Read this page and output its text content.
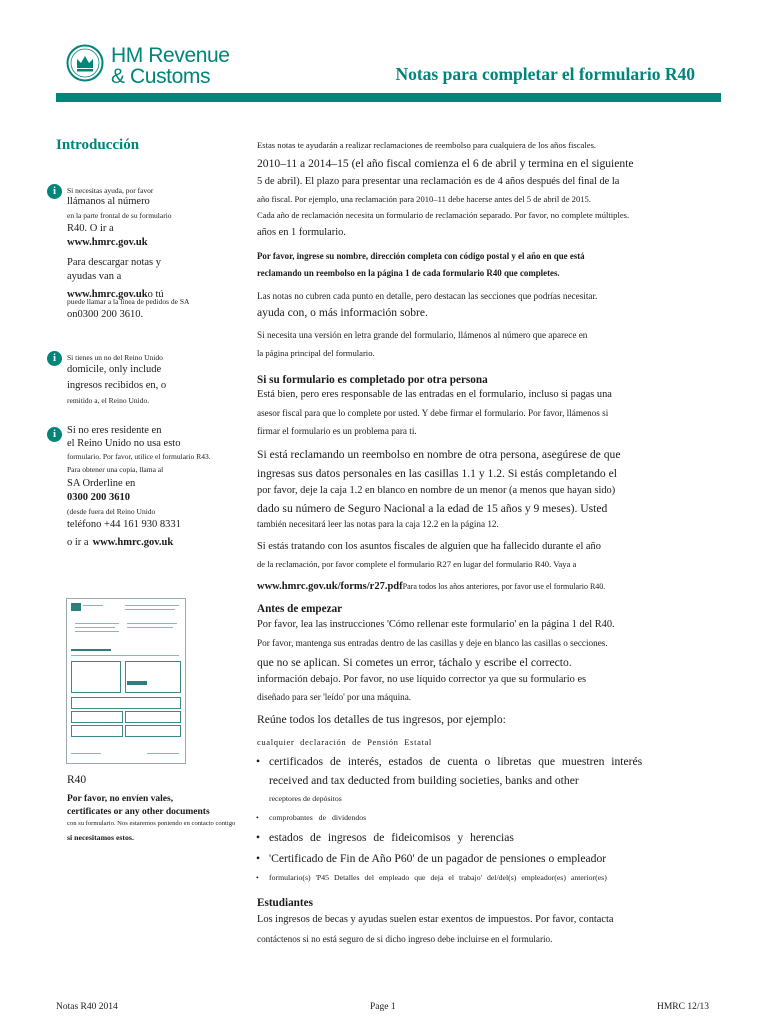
HM Revenue
& Customs	Notas para completar el formulario R40
Introducción
i	Si necesitas ayuda, por favor
llámanos al número
en la parte frontal de su formulario
R40. O ir a
www.hmrc.gov.uk
Para descargar notas y
ayudas van a
www.hmrc.gov.uko tú
puede llamar a la línea de pedidos de SA
on0300 200 3610.
i	Si tienes un no del Reino Unido
domicile, only include
ingresos recibidos en, o
remitido a, el Reino Unido.
i	Si no eres residente en
el Reino Unido no usa esto
formulario. Por favor, utilice el formulario R43.
Para obtener una copia, llama al
SA Orderline en
0300 200 3610
(desde fuera del Reino Unido
teléfono +44 161 930 8331
o ir a www.hmrc.gov.uk
R40
Por favor, no envíen vales,
certificates or any other documents
con su formulario. Nos estaremos poniendo en contacto contigo
si necesitamos estos.
Estas notas te ayudarán a realizar reclamaciones de reembolso para cualquiera de los años fiscales.
2010–11 a 2014–15 (el año fiscal comienza el 6 de abril y termina en el siguiente
5 de abril). El plazo para presentar una reclamación es de 4 años después del final de la
año fiscal. Por ejemplo, una reclamación para 2010–11 debe hacerse antes del 5 de abril de 2015.
Cada año de reclamación necesita un formulario de reclamación separado. Por favor, no complete múltiples.
años en 1 formulario.
Por favor, ingrese su nombre, dirección completa con código postal y el año en que está
reclamando un reembolso en la página 1 de cada formulario R40 que completes.
Las notas no cubren cada punto en detalle, pero destacan las secciones que podrías necesitar.
ayuda con, o más información sobre.
Si necesita una versión en letra grande del formulario, llámenos al número que aparece en
la página principal del formulario.
Si su formulario es completado por otra persona
Está bien, pero eres responsable de las entradas en el formulario, incluso si pagas una
asesor fiscal para que lo complete por usted. Y debe firmar el formulario. Por favor, llámenos si
firmar el formulario es un problema para ti.
Si está reclamando un reembolso en nombre de otra persona, asegúrese de que
ingresas sus datos personales en las casillas 1.1 y 1.2. Si estás completando el
por favor, deje la caja 1.2 en blanco en nombre de un menor (a menos que hayan sido)
dado su número de Seguro Nacional a la edad de 15 años y 9 meses). Usted
también necesitará leer las notas para la caja 12.2 en la página 12.
Si estás tratando con los asuntos fiscales de alguien que ha fallecido durante el año
de la reclamación, por favor complete el formulario R27 en lugar del formulario R40. Vaya a
www.hmrc.gov.uk/forms/r27.pdfPara todos los años anteriores, por favor use el formulario R40.
Antes de empezar
Por favor, lea las instrucciones 'Cómo rellenar este formulario' en la página 1 del R40.
Por favor, mantenga sus entradas dentro de las casillas y deje en blanco las casillas o secciones.
que no se aplican. Si cometes un error, táchalo y escribe el correcto.
información debajo. Por favor, no use líquido corrector ya que su formulario es
diseñado para ser 'leído' por una máquina.
Reúne todos los detalles de tus ingresos, por ejemplo:
cualquier declaración de Pensión Estatal
• certificados de interés, estados de cuenta o libretas que muestren interés
received and tax deducted from building societies, banks and other
receptores de depósitos
• comprobantes de dividendos
• estados de ingresos de fideicomisos y herencias
• 'Certificado de Fin de Año P60' de un pagador de pensiones o empleador
• formulario(s) 'P45 Detalles del empleado que deja el trabajo' del/del(s) empleador(es) anterior(es)
Estudiantes
Los ingresos de becas y ayudas suelen estar exentos de impuestos. Por favor, contacta
contáctenos si no está seguro de si dicho ingreso debe incluirse en el formulario.
Notas R40 2014	Page 1	HMRC 12/13
